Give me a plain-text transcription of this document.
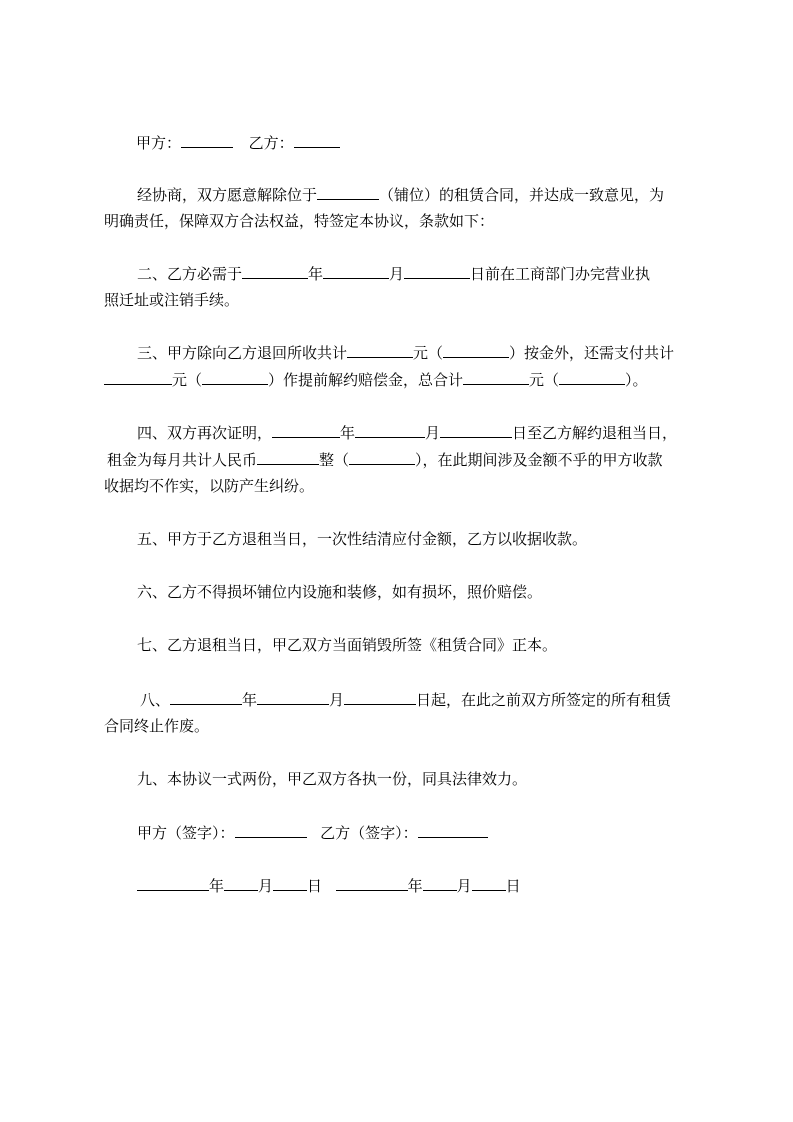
甲方：	乙方：
经协商，双方愿意解除位于	（铺位）的租赁合同，并达成一致意见，为
明确责任，保障双方合法权益，特签定本协议，条款如下：
二、乙方必需于	年	月	日前在工商部门办完营业执
照迁址或注销手续。
三、甲方除向乙方退回所收共计	元（	）按金外，还需支付共计
元（	）作提前解约赔偿金，总合计	元（	）。
四、双方再次证明，	年	月	日至乙方解约退租当日，
租金为每月共计人民币	整（	），在此期间涉及金额不乎的甲方收款
收据均不作实，以防产生纠纷。
五、甲方于乙方退租当日，一次性结清应付金额，乙方以收据收款。
六、乙方不得损坏铺位内设施和装修，如有损坏，照价赔偿。
七、乙方退租当日，甲乙双方当面销毁所签《租赁合同》正本。
八、	年	月	日起，在此之前双方所签定的所有租赁
合同终止作废。
九、本协议一式两份，甲乙双方各执一份，同具法律效力。
甲方（签字）：	乙方（签字）：
年 月 日	年 月 日
